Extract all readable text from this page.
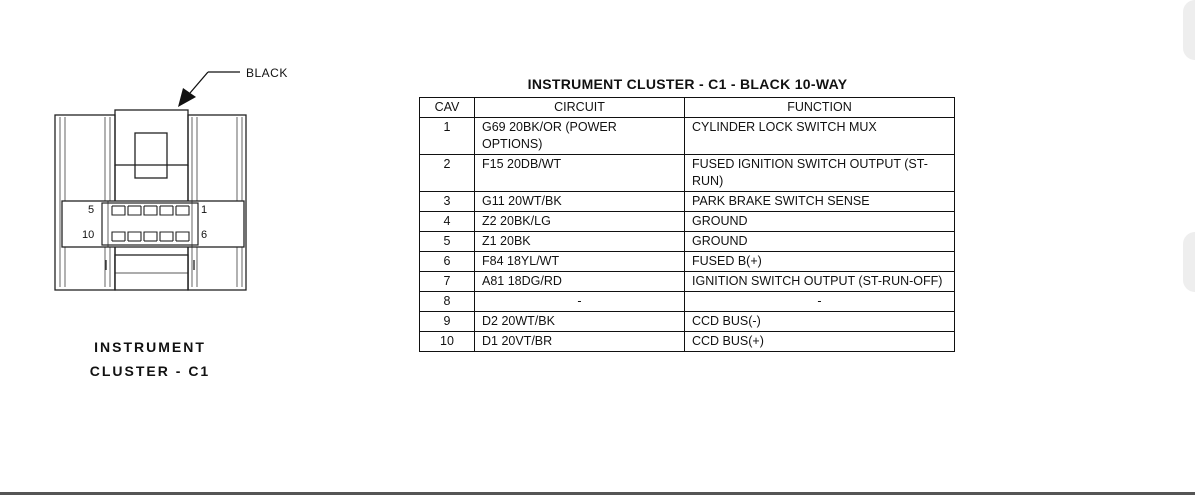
BLACK
5
10
1
6
INSTRUMENT
CLUSTER - C1
INSTRUMENT CLUSTER - C1 - BLACK 10-WAY
CAV	CIRCUIT	FUNCTION
1	G69 20BK/OR (POWER OPTIONS)	CYLINDER LOCK SWITCH MUX
2	F15 20DB/WT	FUSED IGNITION SWITCH OUTPUT (ST-RUN)
3	G11 20WT/BK	PARK BRAKE SWITCH SENSE
4	Z2 20BK/LG	GROUND
5	Z1 20BK	GROUND
6	F84 18YL/WT	FUSED B(+)
7	A81 18DG/RD	IGNITION SWITCH OUTPUT (ST-RUN-OFF)
8	-	-
9	D2 20WT/BK	CCD BUS(-)
10	D1 20VT/BR	CCD BUS(+)
